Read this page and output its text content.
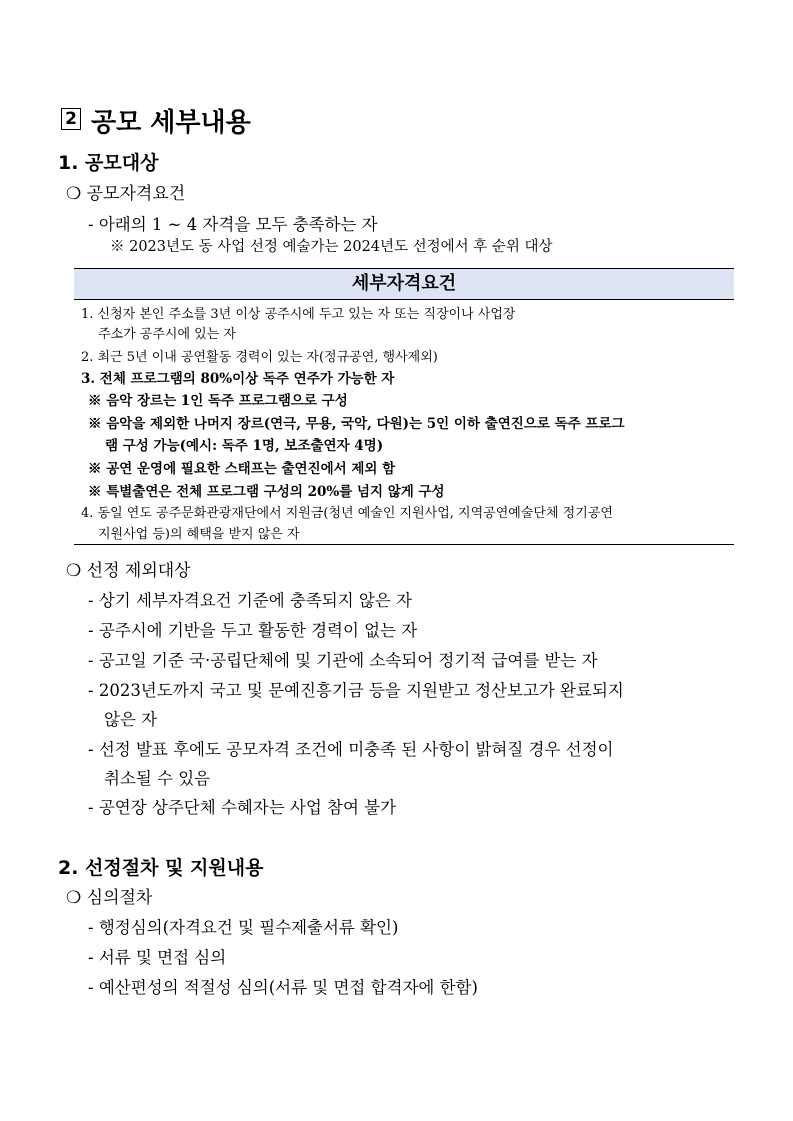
2 공모 세부내용
1. 공모대상
❍ 공모자격요건
- 아래의 1 ~ 4 자격을 모두 충족하는 자
※ 2023년도 동 사업 선정 예술가는 2024년도 선정에서 후 순위 대상
세부자격요건
1. 신청자 본인 주소를 3년 이상 공주시에 두고 있는 자 또는 직장이나 사업장
주소가 공주시에 있는 자
2. 최근 5년 이내 공연활동 경력이 있는 자(정규공연, 행사제외)
3. 전체 프로그램의 80%이상 독주 연주가 가능한 자
※ 음악 장르는 1인 독주 프로그램으로 구성
※ 음악을 제외한 나머지 장르(연극, 무용, 국악, 다원)는 5인 이하 출연진으로 독주 프로그
램 구성 가능(예시: 독주 1명, 보조출연자 4명)
※ 공연 운영에 필요한 스태프는 출연진에서 제외 함
※ 특별출연은 전체 프로그램 구성의 20%를 넘지 않게 구성
4. 동일 연도 공주문화관광재단에서 지원금(청년 예술인 지원사업, 지역공연예술단체 정기공연
지원사업 등)의 혜택을 받지 않은 자
❍ 선정 제외대상
- 상기 세부자격요건 기준에 충족되지 않은 자
- 공주시에 기반을 두고 활동한 경력이 없는 자
- 공고일 기준 국·공립단체에 및 기관에 소속되어 정기적 급여를 받는 자
- 2023년도까지 국고 및 문예진흥기금 등을 지원받고 정산보고가 완료되지
않은 자
- 선정 발표 후에도 공모자격 조건에 미충족 된 사항이 밝혀질 경우 선정이
취소될 수 있음
- 공연장 상주단체 수혜자는 사업 참여 불가
2. 선정절차 및 지원내용
❍ 심의절차
- 행정심의(자격요건 및 필수제출서류 확인)
- 서류 및 면접 심의
- 예산편성의 적절성 심의(서류 및 면접 합격자에 한함)
